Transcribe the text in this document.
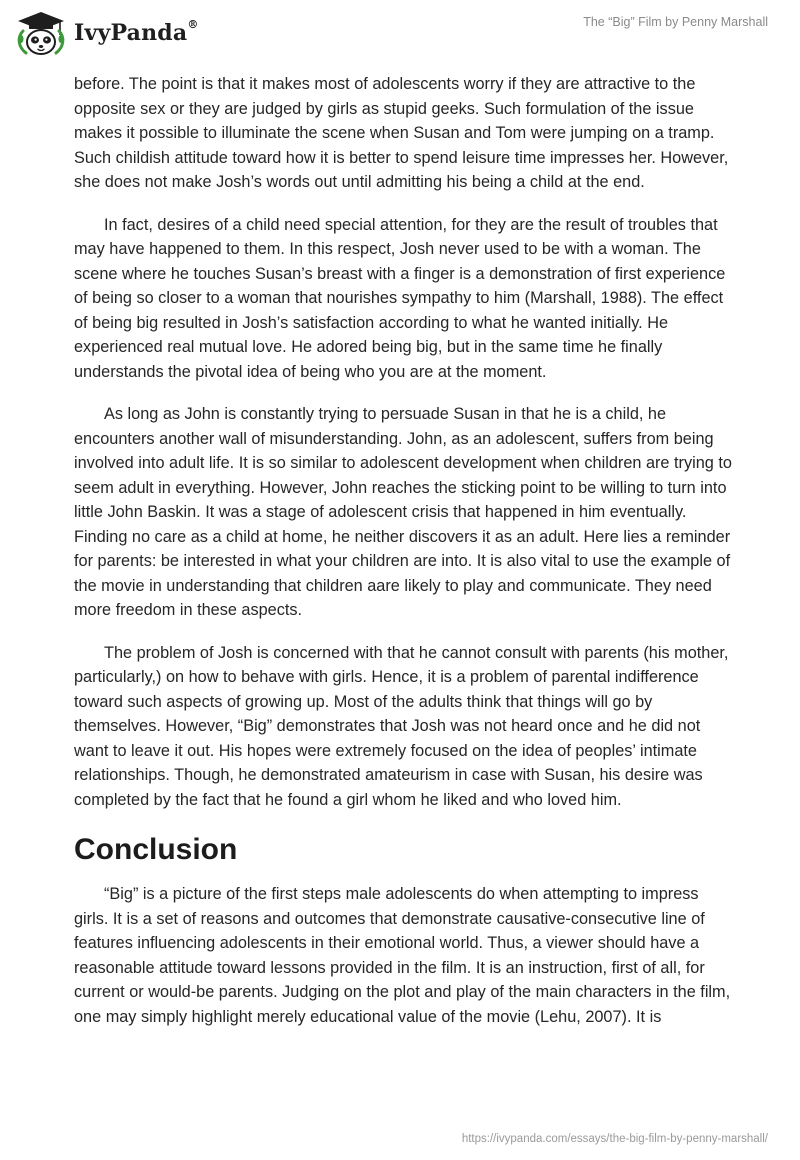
IvyPanda®	The “Big” Film by Penny Marshall

before. The point is that it makes most of adolescents worry if they are attractive to the opposite sex or they are judged by girls as stupid geeks. Such formulation of the issue makes it possible to illuminate the scene when Susan and Tom were jumping on a tramp. Such childish attitude toward how it is better to spend leisure time impresses her. However, she does not make Josh’s words out until admitting his being a child at the end.

In fact, desires of a child need special attention, for they are the result of troubles that may have happened to them. In this respect, Josh never used to be with a woman. The scene where he touches Susan’s breast with a finger is a demonstration of first experience of being so closer to a woman that nourishes sympathy to him (Marshall, 1988). The effect of being big resulted in Josh’s satisfaction according to what he wanted initially. He experienced real mutual love. He adored being big, but in the same time he finally understands the pivotal idea of being who you are at the moment.

As long as John is constantly trying to persuade Susan in that he is a child, he encounters another wall of misunderstanding. John, as an adolescent, suffers from being involved into adult life. It is so similar to adolescent development when children are trying to seem adult in everything. However, John reaches the sticking point to be willing to turn into little John Baskin. It was a stage of adolescent crisis that happened in him eventually. Finding no care as a child at home, he neither discovers it as an adult. Here lies a reminder for parents: be interested in what your children are into. It is also vital to use the example of the movie in understanding that children aare likely to play and communicate. They need more freedom in these aspects.

The problem of Josh is concerned with that he cannot consult with parents (his mother, particularly,) on how to behave with girls. Hence, it is a problem of parental indifference toward such aspects of growing up. Most of the adults think that things will go by themselves. However, “Big” demonstrates that Josh was not heard once and he did not want to leave it out. His hopes were extremely focused on the idea of peoples’ intimate relationships. Though, he demonstrated amateurism in case with Susan, his desire was completed by the fact that he found a girl whom he liked and who loved him.

Conclusion

“Big” is a picture of the first steps male adolescents do when attempting to impress girls. It is a set of reasons and outcomes that demonstrate causative-consecutive line of features influencing adolescents in their emotional world. Thus, a viewer should have a reasonable attitude toward lessons provided in the film. It is an instruction, first of all, for current or would-be parents. Judging on the plot and play of the main characters in the film, one may simply highlight merely educational value of the movie (Lehu, 2007). It is

https://ivypanda.com/essays/the-big-film-by-penny-marshall/
